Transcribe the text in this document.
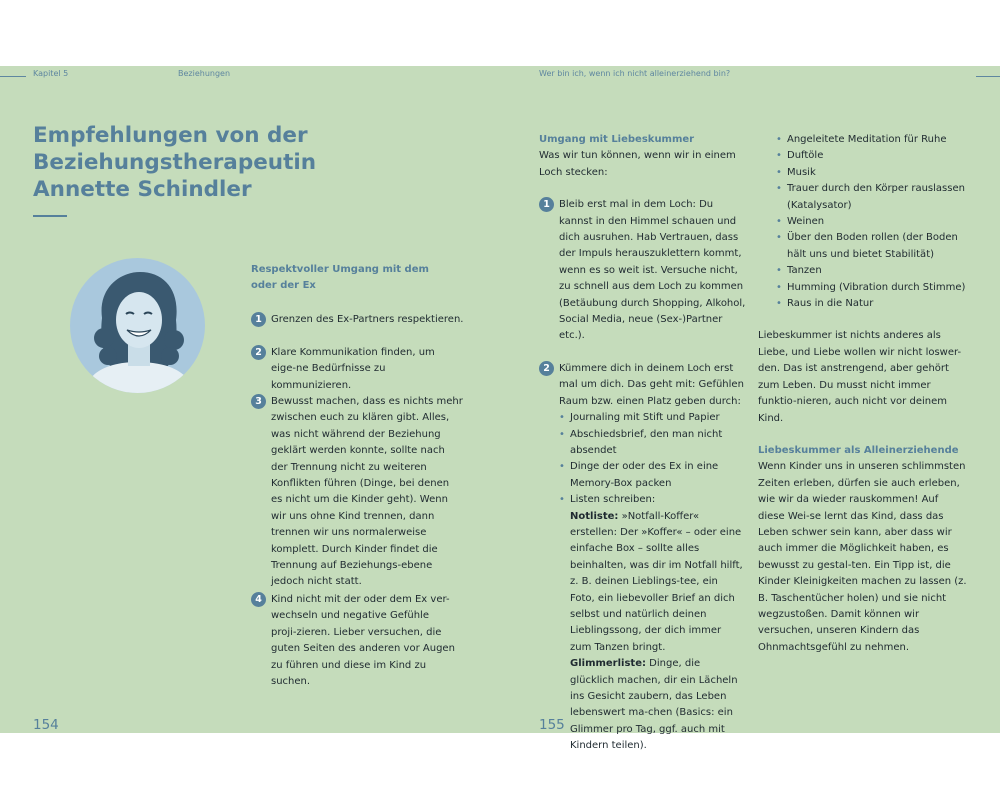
Kapitel 5	Beziehungen	Wer bin ich, wenn ich nicht alleinerziehend bin?
Empfehlungen von der Beziehungstherapeutin Annette Schindler
Respektvoller Umgang mit dem oder der Ex
1 Grenzen des Ex-Partners respektieren.
2 Klare Kommunikation finden, um eige-ne Bedürfnisse zu kommunizieren.
3 Bewusst machen, dass es nichts mehr zwischen euch zu klären gibt. Alles, was nicht während der Beziehung geklärt werden konnte, sollte nach der Trennung nicht zu weiteren Konflikten führen (Dinge, bei denen es nicht um die Kinder geht). Wenn wir uns ohne Kind trennen, dann trennen wir uns normalerweise komplett. Durch Kinder findet die Trennung auf Beziehungs-ebene jedoch nicht statt.
4 Kind nicht mit der oder dem Ex ver-wechseln und negative Gefühle proji-zieren. Lieber versuchen, die guten Seiten des anderen vor Augen zu führen und diese im Kind zu suchen.
154
Umgang mit Liebeskummer
Was wir tun können, wenn wir in einem Loch stecken:
1 Bleib erst mal in dem Loch: Du kannst in den Himmel schauen und dich ausruhen. Hab Vertrauen, dass der Impuls herauszuklettern kommt, wenn es so weit ist. Versuche nicht, zu schnell aus dem Loch zu kommen (Betäubung durch Shopping, Alkohol, Social Media, neue (Sex-)Partner etc.).
2 Kümmere dich in deinem Loch erst mal um dich. Das geht mit: Gefühlen Raum bzw. einen Platz geben durch:
• Journaling mit Stift und Papier
• Abschiedsbrief, den man nicht absendet
• Dinge der oder des Ex in eine Memory-Box packen
• Listen schreiben:
Notliste: »Notfall-Koffer« erstellen: Der »Koffer« – oder eine einfache Box – sollte alles beinhalten, was dir im Notfall hilft, z. B. deinen Lieblings-tee, ein Foto, ein liebevoller Brief an dich selbst und natürlich deinen Lieblingssong, der dich immer zum Tanzen bringt.
Glimmerliste: Dinge, die glücklich machen, dir ein Lächeln ins Gesicht zaubern, das Leben lebenswert ma-chen (Basics: ein Glimmer pro Tag, ggf. auch mit Kindern teilen).
• Angeleitete Meditation für Ruhe
• Duftöle
• Musik
• Trauer durch den Körper rauslassen (Katalysator)
• Weinen
• Über den Boden rollen (der Boden hält uns und bietet Stabilität)
• Tanzen
• Humming (Vibration durch Stimme)
• Raus in die Natur
Liebeskummer ist nichts anderes als Liebe, und Liebe wollen wir nicht loswer-den. Das ist anstrengend, aber gehört zum Leben. Du musst nicht immer funktio-nieren, auch nicht vor deinem Kind.
Liebeskummer als Alleinerziehende
Wenn Kinder uns in unseren schlimmsten Zeiten erleben, dürfen sie auch erleben, wie wir da wieder rauskommen! Auf diese Wei-se lernt das Kind, dass das Leben schwer sein kann, aber dass wir auch immer die Möglichkeit haben, es bewusst zu gestal-ten. Ein Tipp ist, die Kinder Kleinigkeiten machen zu lassen (z. B. Taschentücher holen) und sie nicht wegzustoßen. Damit können wir versuchen, unseren Kindern das Ohnmachtsgefühl zu nehmen.
155
